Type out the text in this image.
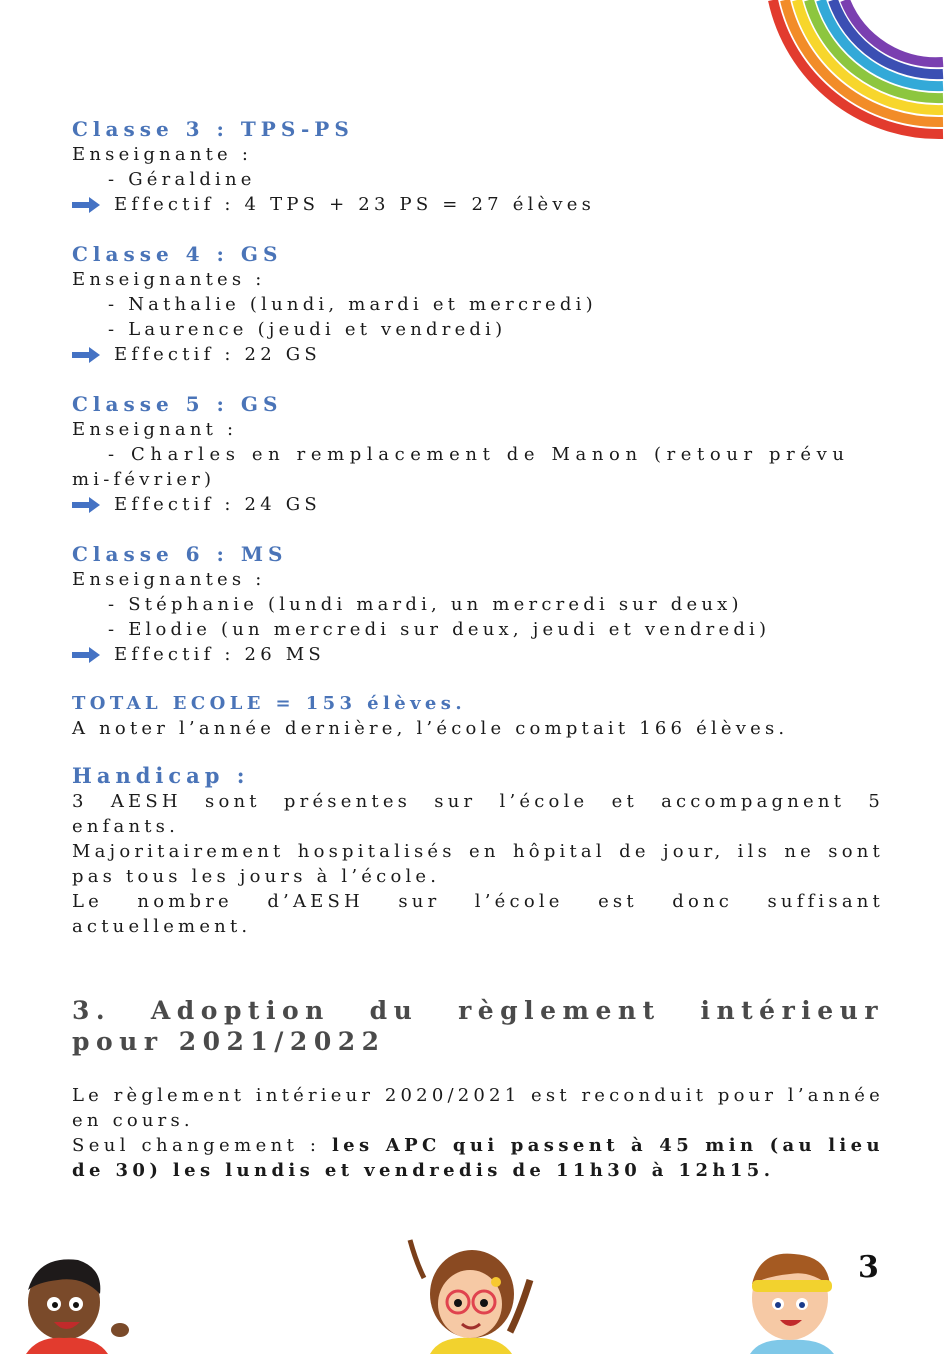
Classe 3 : TPS-PS

Enseignante :

- Géraldine

Effectif : 4 TPS + 23 PS = 27 élèves

Classe 4 : GS

Enseignantes :

- Nathalie (lundi, mardi et mercredi)

- Laurence (jeudi et vendredi)

Effectif : 22 GS

Classe 5 : GS

Enseignant :

- Charles en remplacement de Manon (retour prévu

mi-février)

Effectif : 24 GS

Classe 6 : MS

Enseignantes :

- Stéphanie (lundi mardi, un mercredi sur deux)

- Elodie (un mercredi sur deux, jeudi et vendredi)

Effectif : 26 MS

TOTAL ECOLE = 153 élèves.

A noter l’année dernière, l’école comptait 166 élèves.

Handicap :

3 AESH sont présentes sur l’école et accompagnent 5 enfants.

Majoritairement hospitalisés en hôpital de jour, ils ne sont pas tous les jours à l’école.

Le nombre d’AESH sur l’école est donc suffisant actuellement.

3. Adoption du règlement intérieur pour 2021/2022

Le règlement intérieur 2020/2021 est reconduit pour l’année en cours.

Seul changement : les APC qui passent à 45 min (au lieu de 30) les lundis et vendredis de 11h30 à 12h15.

3
